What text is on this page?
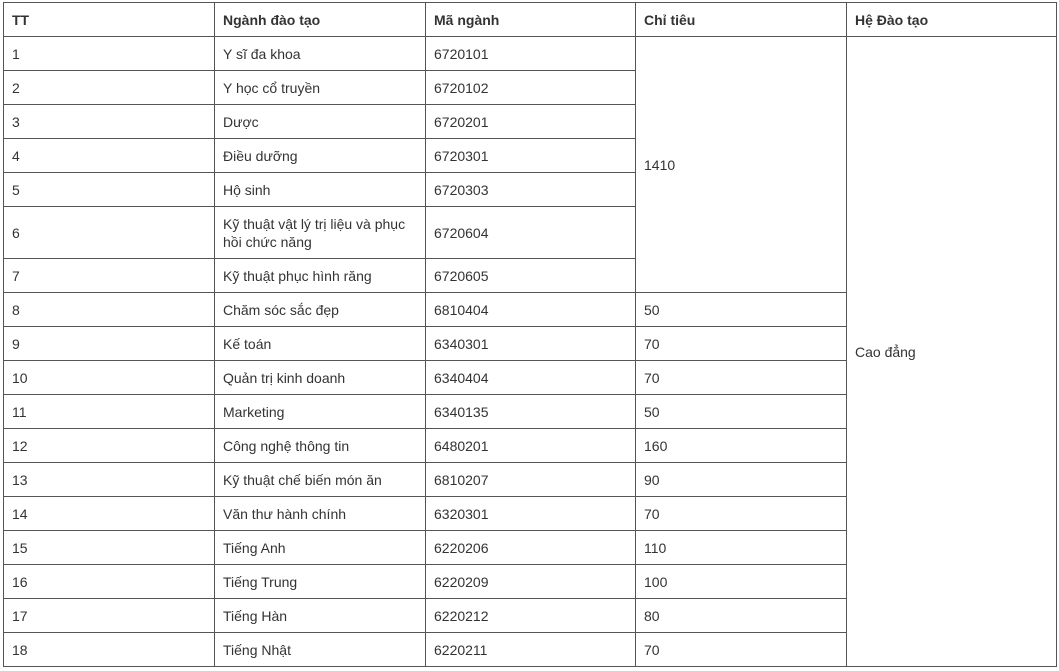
TT	Ngành đào tạo	Mã ngành	Chỉ tiêu	Hệ Đào tạo
1	Y sĩ đa khoa	6720101	1410	Cao đẳng
2	Y học cổ truyền	6720102		
3	Dược	6720201		
4	Điều dưỡng	6720301		
5	Hộ sinh	6720303		
6	Kỹ thuật vật lý trị liệu và phục hồi chức năng	6720604		
7	Kỹ thuật phục hình răng	6720605		
8	Chăm sóc sắc đẹp	6810404	50	
9	Kế toán	6340301	70	
10	Quản trị kinh doanh	6340404	70	
11	Marketing	6340135	50	
12	Công nghệ thông tin	6480201	160	
13	Kỹ thuật chế biến món ăn	6810207	90	
14	Văn thư hành chính	6320301	70	
15	Tiếng Anh	6220206	110	
16	Tiếng Trung	6220209	100	
17	Tiếng Hàn	6220212	80	
18	Tiếng Nhật	6220211	70	
